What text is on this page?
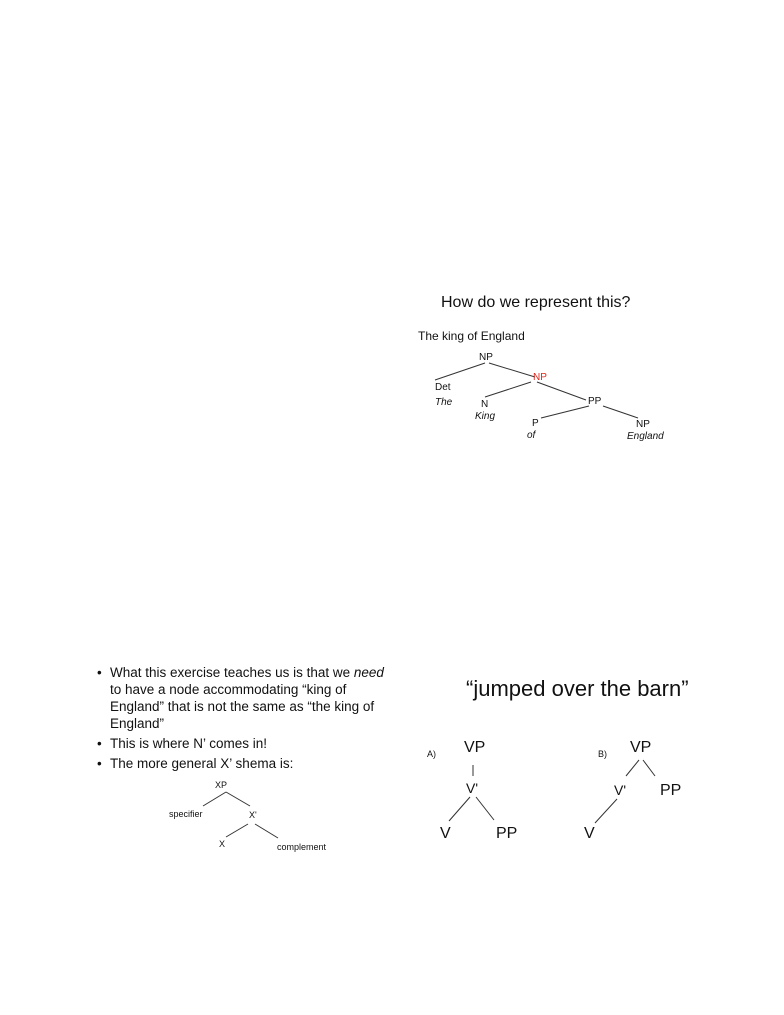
How do we represent this?
The king of England
NP
NP
Det
The	N
King
PP
P
of
NP
England
• What this exercise teaches us is that we need to have a node accommodating “king of England” that is not the same as “the king of England”
• This is where N’ comes in!
• The more general X’ shema is:
XP
specifier	X'
X	complement
“jumped over the barn”
A) VP
V'
V	PP
B) VP
V' PP
V
